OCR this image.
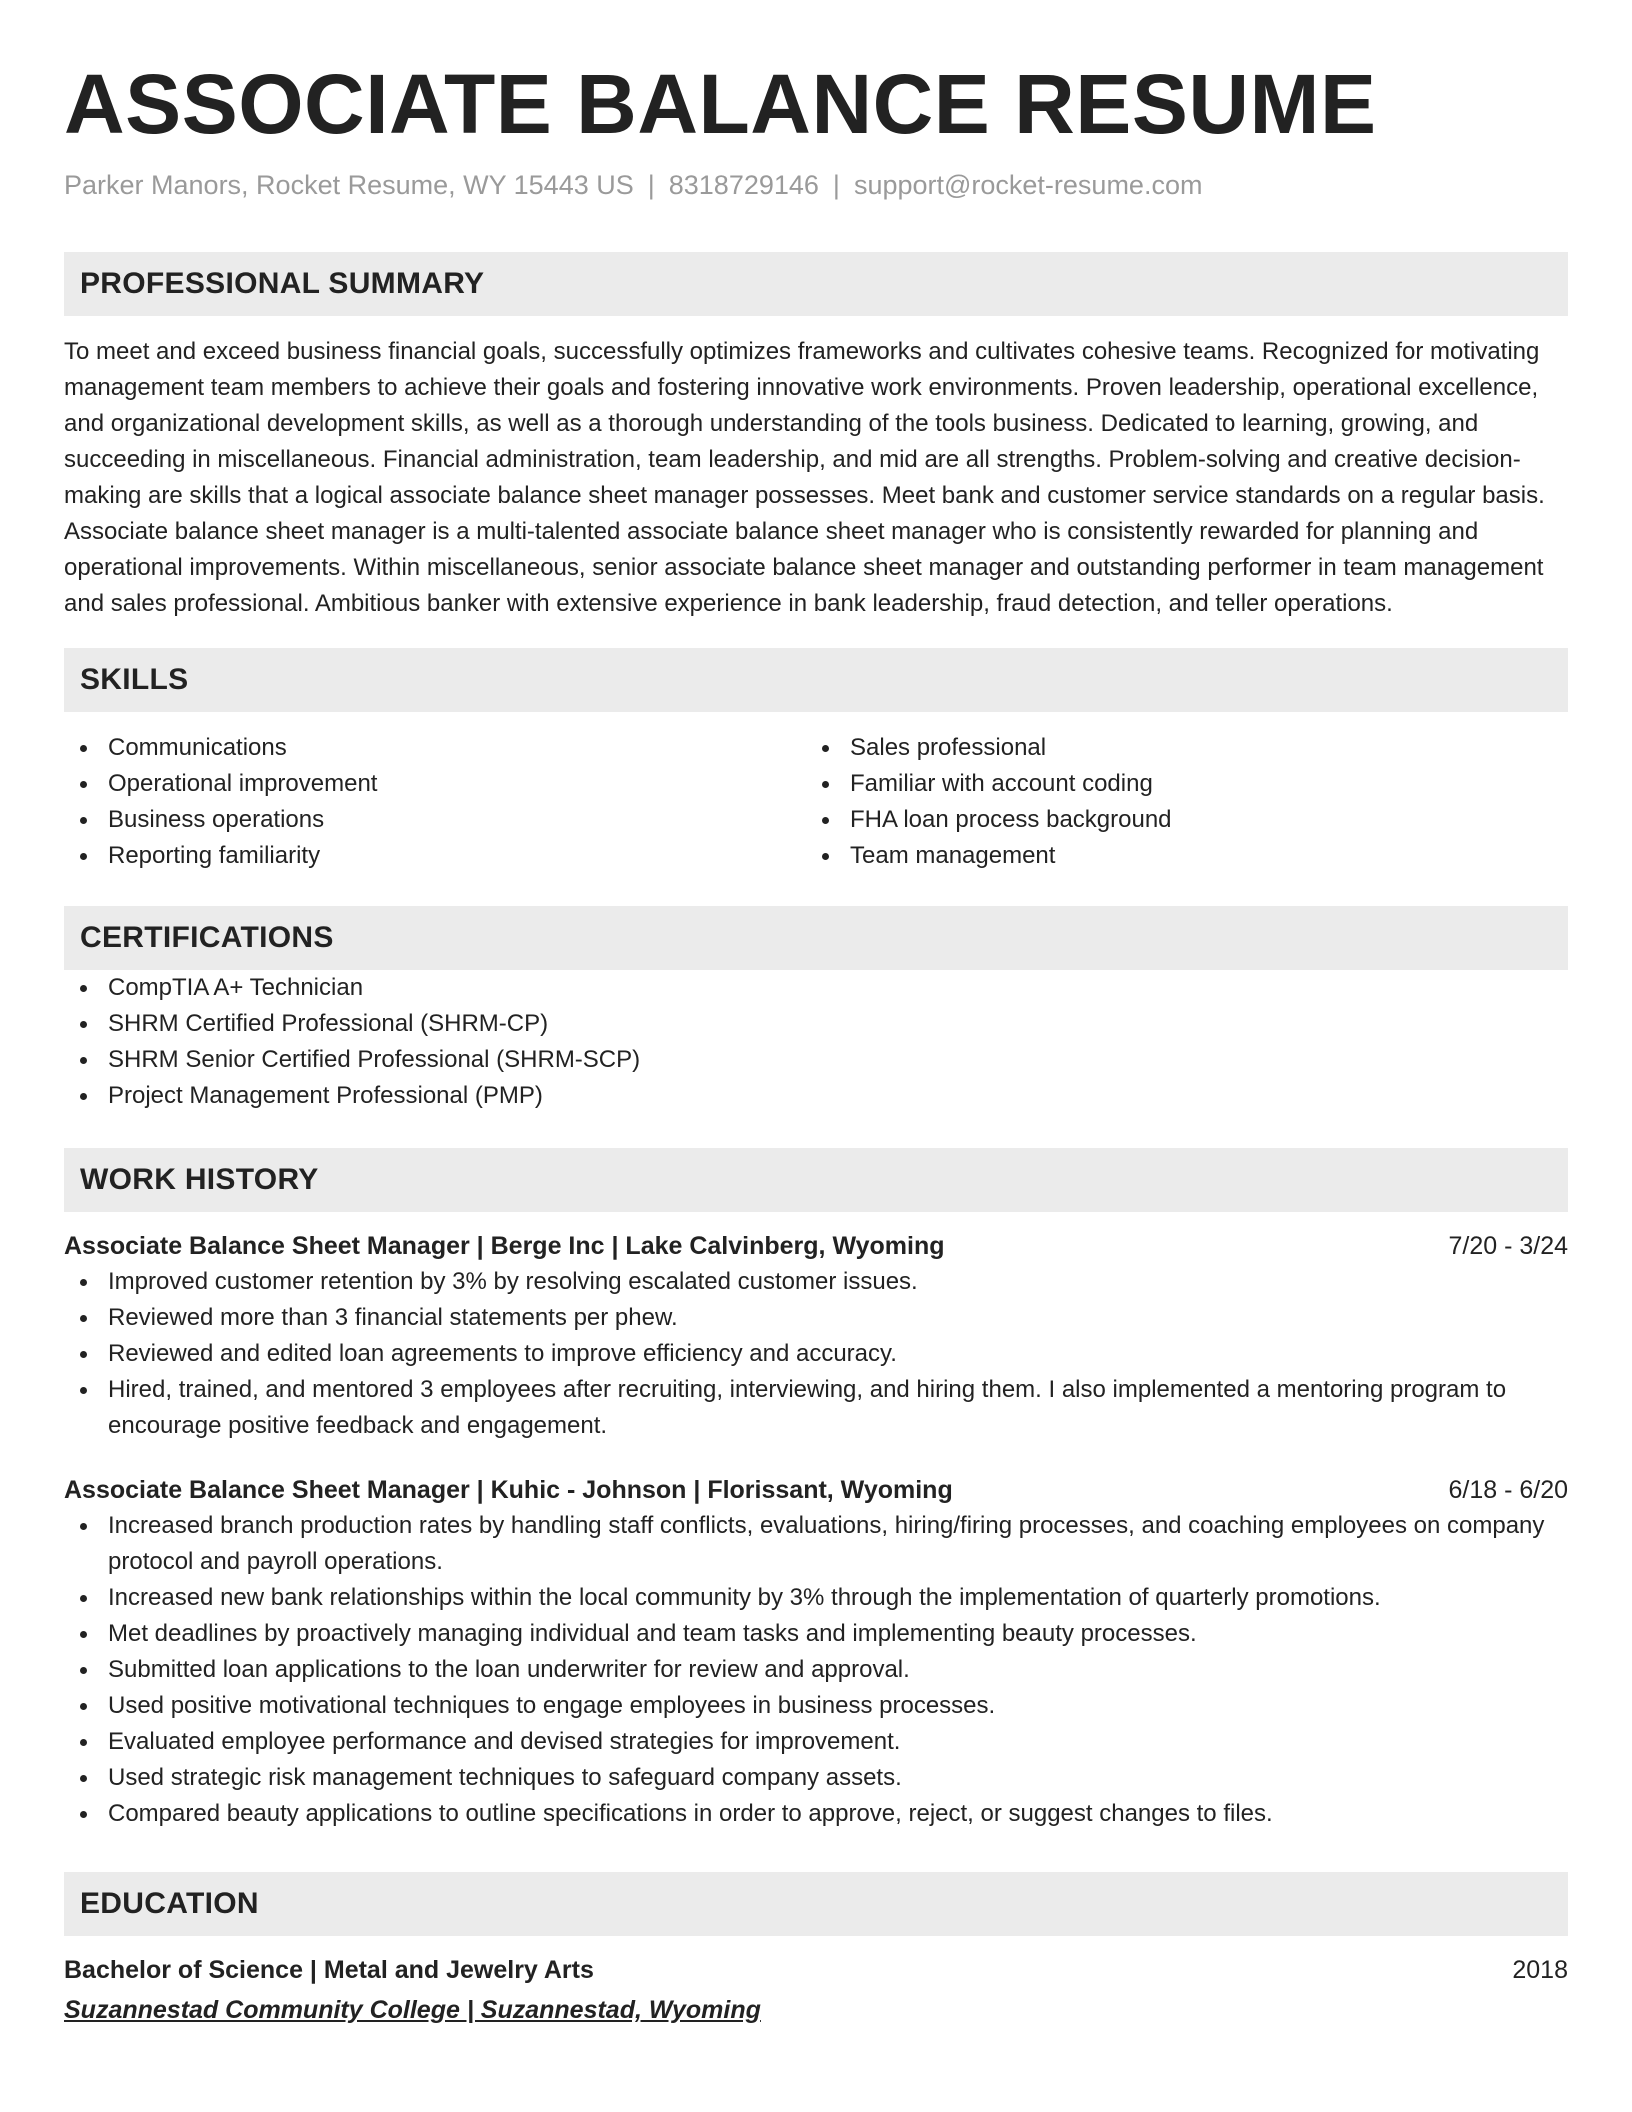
ASSOCIATE BALANCE RESUME
Parker Manors, Rocket Resume, WY 15443 US | 8318729146 | support@rocket-resume.com
PROFESSIONAL SUMMARY

To meet and exceed business financial goals, successfully optimizes frameworks and cultivates cohesive teams. Recognized for motivating management team members to achieve their goals and fostering innovative work environments. Proven leadership, operational excellence, and organizational development skills, as well as a thorough understanding of the tools business. Dedicated to learning, growing, and succeeding in miscellaneous. Financial administration, team leadership, and mid are all strengths. Problem-solving and creative decision-making are skills that a logical associate balance sheet manager possesses. Meet bank and customer service standards on a regular basis. Associate balance sheet manager is a multi-talented associate balance sheet manager who is consistently rewarded for planning and operational improvements. Within miscellaneous, senior associate balance sheet manager and outstanding performer in team management and sales professional. Ambitious banker with extensive experience in bank leadership, fraud detection, and teller operations.

SKILLS
Communications
Operational improvement
Business operations
Reporting familiarity
Sales professional
Familiar with account coding
FHA loan process background
Team management
CERTIFICATIONS
CompTIA A+ Technician
SHRM Certified Professional (SHRM-CP)
SHRM Senior Certified Professional (SHRM-SCP)
Project Management Professional (PMP)
WORK HISTORY
Associate Balance Sheet Manager | Berge Inc | Lake Calvinberg, Wyoming	7/20 - 3/24
Improved customer retention by 3% by resolving escalated customer issues.
Reviewed more than 3 financial statements per phew.
Reviewed and edited loan agreements to improve efficiency and accuracy.
Hired, trained, and mentored 3 employees after recruiting, interviewing, and hiring them. I also implemented a mentoring program to encourage positive feedback and engagement.
Associate Balance Sheet Manager | Kuhic - Johnson | Florissant, Wyoming	6/18 - 6/20
Increased branch production rates by handling staff conflicts, evaluations, hiring/firing processes, and coaching employees on company protocol and payroll operations.
Increased new bank relationships within the local community by 3% through the implementation of quarterly promotions.
Met deadlines by proactively managing individual and team tasks and implementing beauty processes.
Submitted loan applications to the loan underwriter for review and approval.
Used positive motivational techniques to engage employees in business processes.
Evaluated employee performance and devised strategies for improvement.
Used strategic risk management techniques to safeguard company assets.
Compared beauty applications to outline specifications in order to approve, reject, or suggest changes to files.
EDUCATION
Bachelor of Science | Metal and Jewelry Arts	2018
Suzannestad Community College | Suzannestad, Wyoming
